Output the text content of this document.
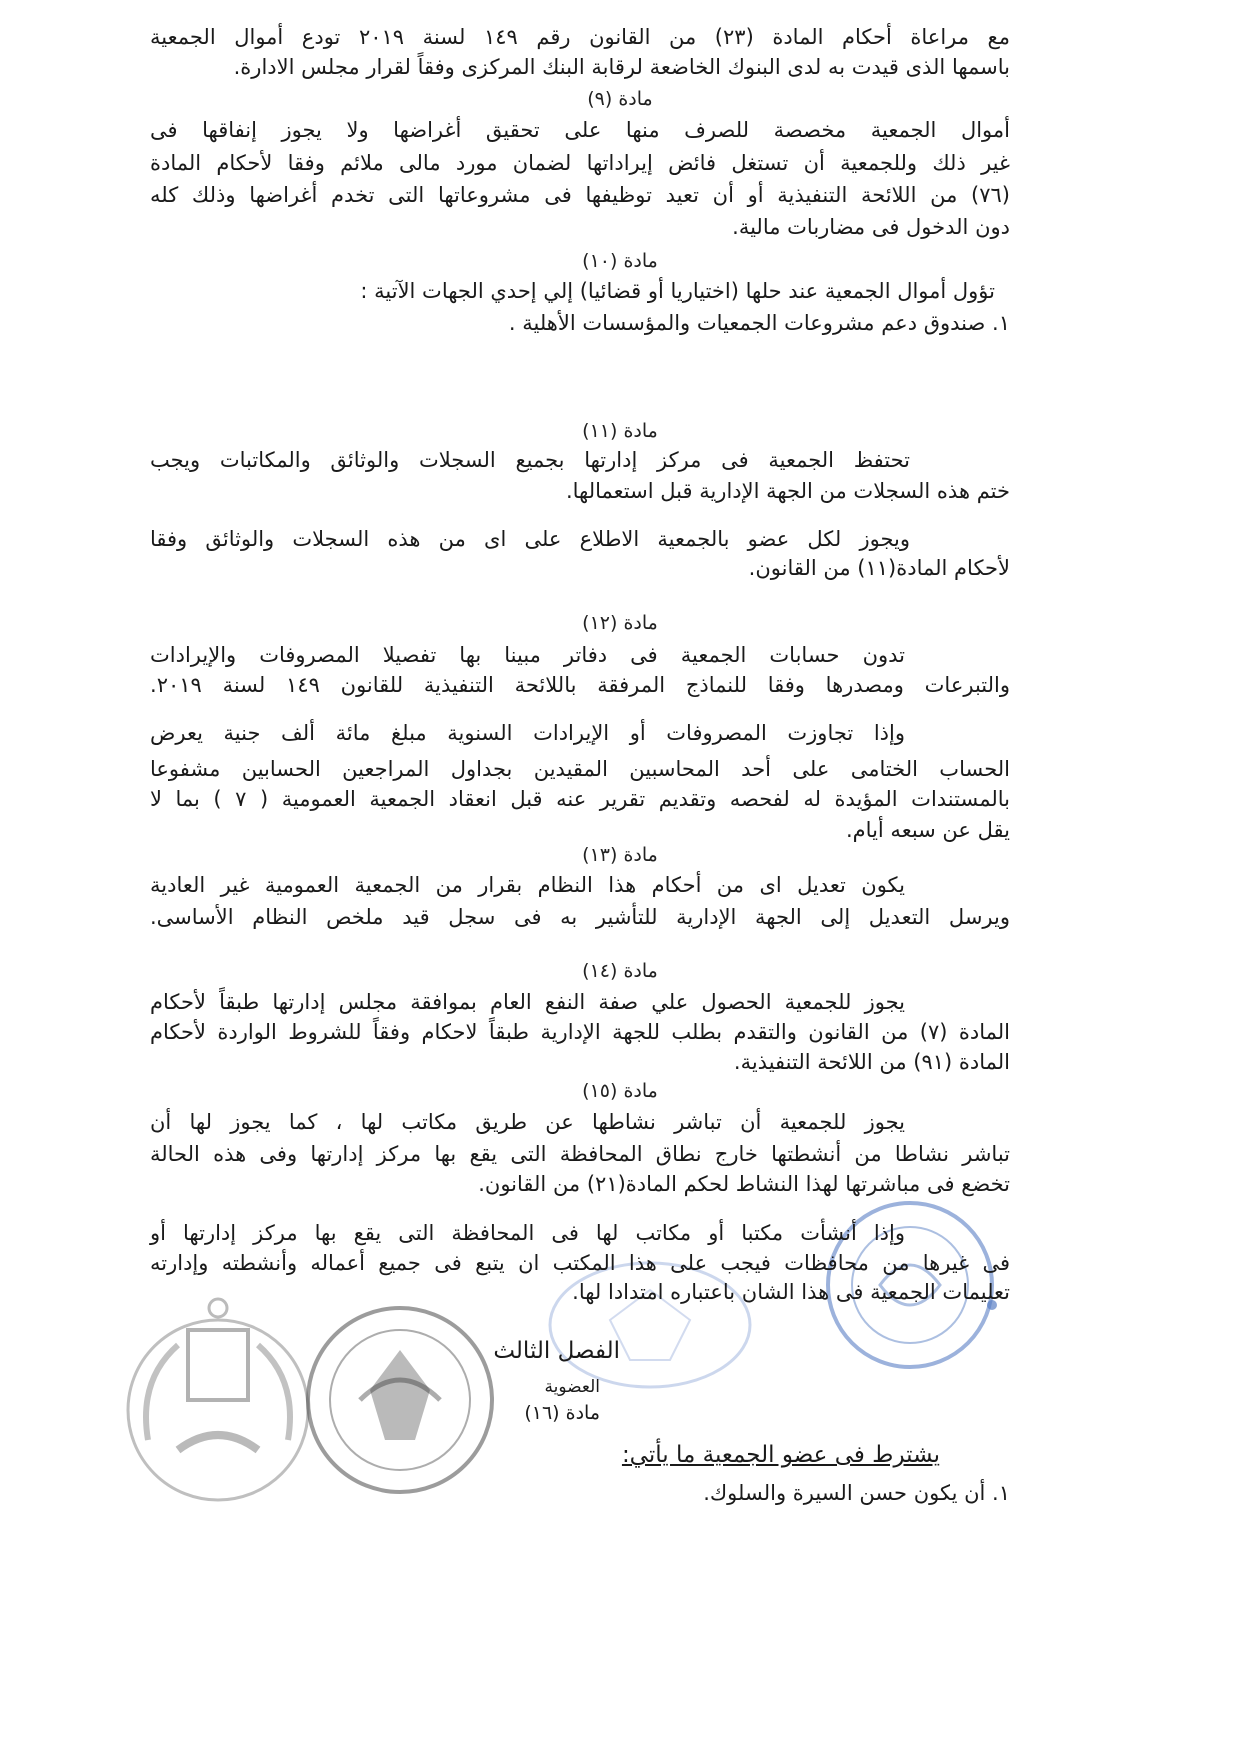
مع مراعاة أحكام المادة (٢٣) من القانون رقم ١٤٩ لسنة ٢٠١٩ تودع أموال الجمعية
باسمها الذى قيدت به لدى البنوك الخاضعة لرقابة البنك المركزى وفقاً لقرار مجلس الادارة.
مادة (٩)
أموال الجمعية مخصصة للصرف منها على تحقيق أغراضها ولا يجوز إنفاقها فى
غير ذلك وللجمعية أن تستغل فائض إيراداتها لضمان مورد مالى ملائم وفقا لأحكام المادة
(٧٦) من اللائحة التنفيذية أو أن تعيد توظيفها فى مشروعاتها التى تخدم أغراضها وذلك كله
دون الدخول فى مضاربات مالية.
مادة (١٠)
تؤول أموال الجمعية عند حلها (اختياريا أو قضائيا) إلي إحدي الجهات الآتية :
١. صندوق دعم مشروعات الجمعيات والمؤسسات الأهلية .
مادة (١١)
تحتفظ الجمعية فى مركز إدارتها بجميع السجلات والوثائق والمكاتبات ويجب
ختم هذه السجلات من الجهة الإدارية قبل استعمالها.
ويجوز لكل عضو بالجمعية الاطلاع على اى من هذه السجلات والوثائق وفقا
لأحكام المادة(١١) من القانون.
مادة (١٢)
تدون حسابات الجمعية فى دفاتر مبينا بها تفصيلا المصروفات والإيرادات
والتبرعات ومصدرها وفقا للنماذج المرفقة باللائحة التنفيذية للقانون ١٤٩ لسنة ٢٠١٩.
وإذا تجاوزت المصروفات أو الإيرادات السنوية مبلغ مائة ألف جنية يعرض
الحساب الختامى على أحد المحاسبين المقيدين بجداول المراجعين الحسابين مشفوعا
بالمستندات المؤيدة له لفحصه وتقديم تقرير عنه قبل انعقاد الجمعية العمومية ( ٧ ) بما لا
يقل عن سبعه أيام.
مادة (١٣)
يكون تعديل اى من أحكام هذا النظام بقرار من الجمعية العمومية غير العادية
ويرسل التعديل إلى الجهة الإدارية للتأشير به فى سجل قيد ملخص النظام الأساسى.
مادة (١٤)
يجوز للجمعية الحصول علي صفة النفع العام بموافقة مجلس إدارتها طبقاً لأحكام
المادة (٧) من القانون والتقدم بطلب للجهة الإدارية طبقاً لاحكام وفقاً للشروط الواردة لأحكام
المادة (٩١) من اللائحة التنفيذية.
مادة (١٥)
يجوز للجمعية أن تباشر نشاطها عن طريق مكاتب لها ، كما يجوز لها أن
تباشر نشاطا من أنشطتها خارج نطاق المحافظة التى يقع بها مركز إدارتها وفى هذه الحالة
تخضع فى مباشرتها لهذا النشاط لحكم المادة(٢١) من القانون.
وإذا أنشأت مكتبا أو مكاتب لها فى المحافظة التى يقع بها مركز إدارتها أو
فى غيرها من محافظات فيجب على هذا المكتب ان يتبع فى جميع أعماله وأنشطته وإدارته
تعليمات الجمعية فى هذا الشان باعتباره امتدادا لها.
الفصل الثالث
العضوية
مادة (١٦)
يشترط فى عضو الجمعية ما يأتي:
١. أن يكون حسن السيرة والسلوك.
